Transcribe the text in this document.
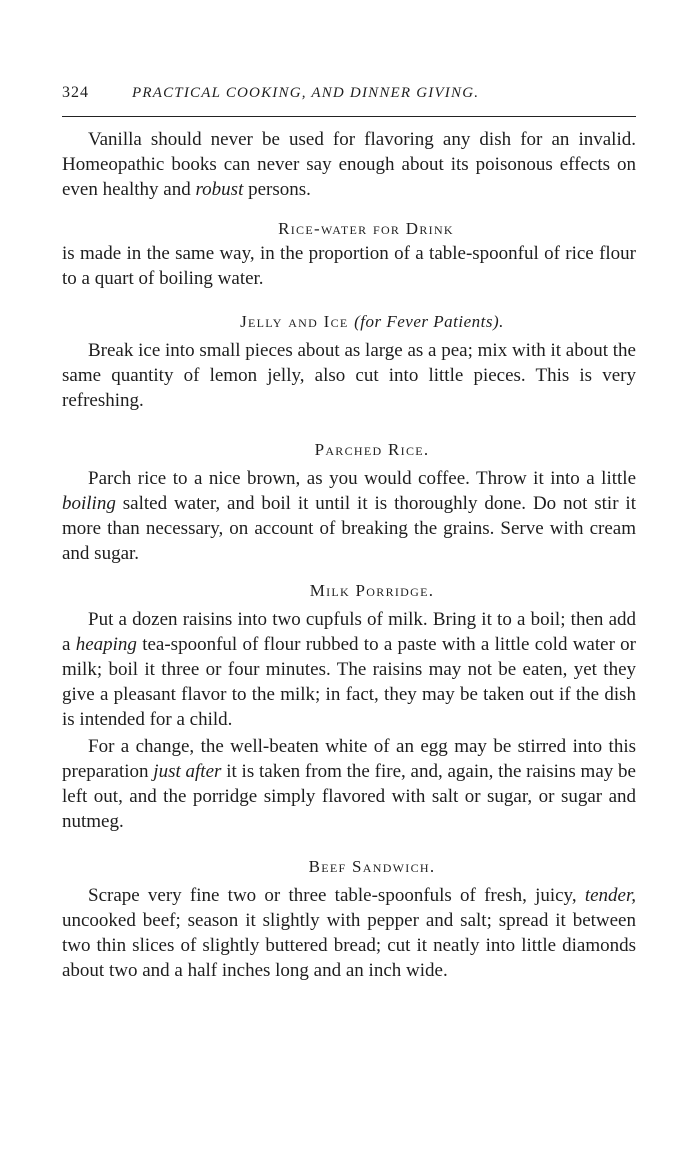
324	PRACTICAL COOKING, AND DINNER GIVING.

Vanilla should never be used for flavoring any dish for an invalid. Homeopathic books can never say enough about its poisonous effects on even healthy and robust persons.

Rice-water for Drink

is made in the same way, in the proportion of a table-spoonful of rice flour to a quart of boiling water.

Jelly and Ice (for Fever Patients).

Break ice into small pieces about as large as a pea; mix with it about the same quantity of lemon jelly, also cut into little pieces. This is very refreshing.

Parched Rice.

Parch rice to a nice brown, as you would coffee. Throw it into a little boiling salted water, and boil it until it is thoroughly done. Do not stir it more than necessary, on account of breaking the grains. Serve with cream and sugar.

Milk Porridge.

Put a dozen raisins into two cupfuls of milk. Bring it to a boil; then add a heaping tea-spoonful of flour rubbed to a paste with a little cold water or milk; boil it three or four minutes. The raisins may not be eaten, yet they give a pleasant flavor to the milk; in fact, they may be taken out if the dish is intended for a child.

For a change, the well-beaten white of an egg may be stirred into this preparation just after it is taken from the fire, and, again, the raisins may be left out, and the porridge simply flavored with salt or sugar, or sugar and nutmeg.

Beef Sandwich.

Scrape very fine two or three table-spoonfuls of fresh, juicy, tender, uncooked beef; season it slightly with pepper and salt; spread it between two thin slices of slightly buttered bread; cut it neatly into little diamonds about two and a half inches long and an inch wide.
